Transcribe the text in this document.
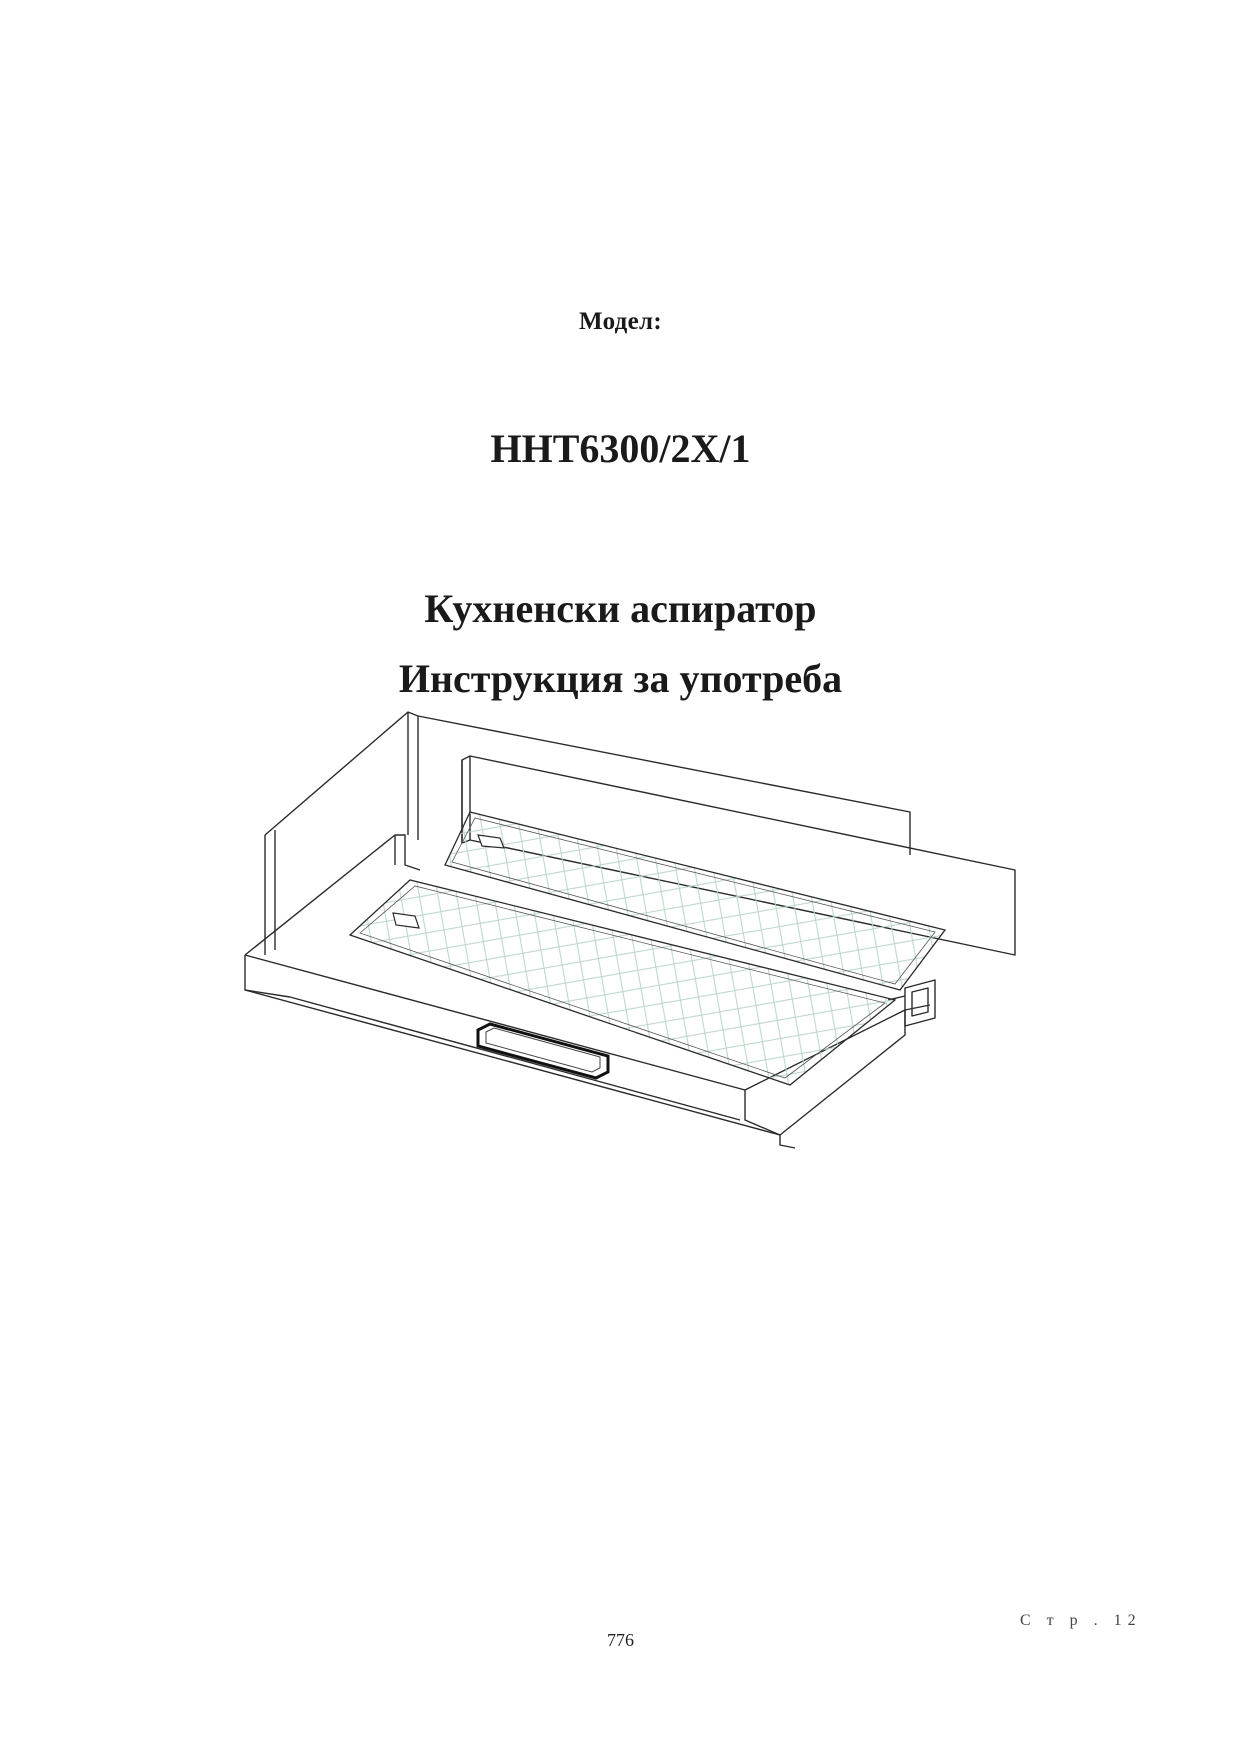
Модел:
HHT6300/2X/1
Кухненски аспиратор
Инструкция за употреба
С т р . 12
776
